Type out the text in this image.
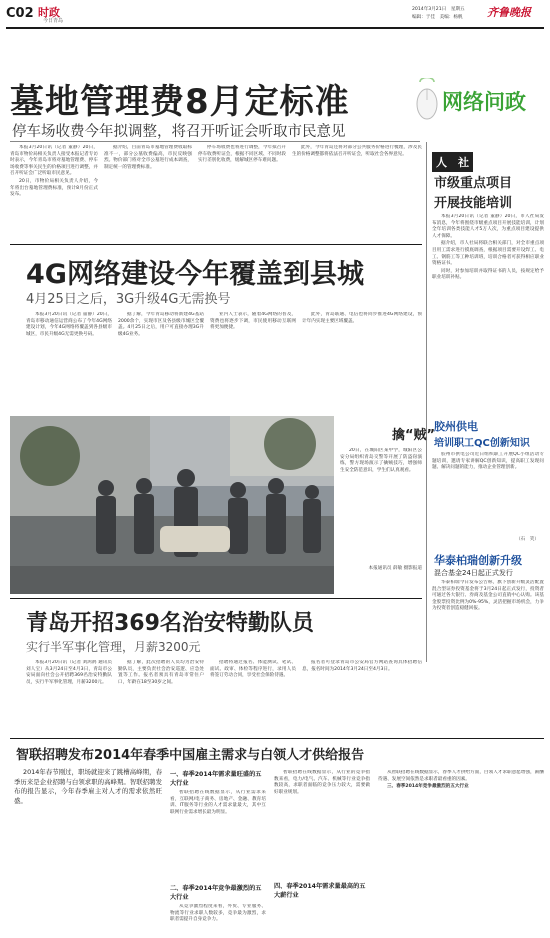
C02 时政
今日青岛
2014年3月21日　星期五
编辑：于佳　美编：杨帆 齐鲁晚报
墓地管理费8月定标准
停车场收费今年拟调整，将召开听证会听取市民意见
网络问政

本报3月20日讯（记者 董静）20日，青岛市物价局相关负责人接受本报记者专访时表示，今年青岛市将对墓地管理费、停车场收费等事关民生的价格项目进行调整，并召开听证会广泛听取市民意见。

20日，市物价局相关负责人介绍，今年将出台墓地管理费标准，预计8月份正式发布。

据介绍，目前青岛市墓地管理费收取标准不一，部分公墓收费偏高，市民反映强烈。物价部门将对全市公墓进行成本调查，制定统一的管理费标准。

停车场收费也将进行调整，今年拟召开停车收费听证会，根据不同区域、不同时段实行差别化收费，缓解城区停车难问题。

此外，今年青岛还将对部分公共服务价格进行梳理，涉及民生的价格调整都将依法召开听证会，听取社会各界意见。

人　社
市级重点项目
开展技能培训

本报3月20日讯（记者 董静）20日，市人社局发布消息，今年将围绕市级重点项目开展技能培训，计划全年培训各类技能人才5万人次，为重点项目建设提供人才保障。

据介绍，市人社局将联合相关部门，对全市重点项目用工需求进行摸底调查，根据项目需要开设焊工、电工、钢筋工等工种培训班，培训合格者可获得相应职业资格证书。

同时，对参加培训并取得证书的人员，按规定给予职业培训补贴。

胶州供电
培训职工QC创新知识

胶州市供电公司近日组织职工开展QC小组活动专题培训，邀请专家讲解QC创新知识，提高职工发现问题、解决问题的能力，推动企业管理创新。

（石　笑）
华泰柏瑞创新升级
混合基金24日起正式发行

华泰柏瑞今日发布公告称，旗下创新升级灵活配置混合型证券投资基金将于3月24日起正式发行，投资者可通过各大银行、券商及基金公司直销中心认购。该基金股票投资比例为0%-95%，灵活把握市场机会，力争为投资者创造稳健回报。

4G网络建设今年覆盖到县城
4月25日之后，3G升级4G无需换号

本报3月20日讯（记者 董静）20日，青岛市移动通信运营商公布了今年4G网络建设计划，今年4G网络将覆盖到各县级市城区，市民升级4G无需更换号码。

据了解，今年青岛移动将新建4G基站2000余个，实现市区及各县级市城区全覆盖。4月25日之后，用户可直接办理3G升级4G业务。

业内人士表示，随着4G网络的普及，资费也将逐步下调，市民使用移动互联网将更加便捷。

此外，青岛联通、电信也将同步推进4G网络建设，预计年内实现主要区域覆盖。

擒“贼”

20日，在城阳区某中学，城阳区公安分局组织青岛交警等开展了防盗窃演练，警方现场演示了擒贼技巧，增强师生安全防范意识，学生们认真观看。

本报通讯员 薛敏 摄影报道
青岛开招369名治安特勤队员
实行半军事化管理，月薪3200元

本报3月20日讯（记者 刘鸿鹄 通讯员 刘人宝）从3月24日至4月3日，青岛市公安局面向社会公开招聘369名治安特勤队员，实行半军事化管理，月薪3200元。

据了解，此次招聘的人员均为治安特勤队员，主要负责社会治安巡逻、应急处置等工作。报名者须具有青岛市常住户口，年龄在18至30岁之间。

招聘将通过报名、体能测试、笔试、面试、政审、体检等程序进行，录用人员将签订劳动合同，享受社会保险待遇。

报名者可登录青岛市公安局官方网站查询具体招聘信息，报名时间为2014年3月24日至4月3日。

智联招聘发布2014年春季中国雇主需求与白领人才供给报告

2014年春节刚过，职场就迎来了跳槽高峰期，春季历来是企业招聘与白领求职的高峰期。智联招聘发布的报告显示，今年春季雇主对人才的需求依然旺盛。

一、春季2014年需求量旺盛的五大行业

智联招聘在线数据显示，从行业需求来看，互联网/电子商务、房地产、金融、教育培训、IT服务等行业的人才需求量最大，其中互联网行业需求增长最为明显。

二、春季2014年竞争最激烈的五大行业

从竞争激烈程度来看，外贸、专业服务、物流等行业求职人数较多，竞争最为激烈，求职者需提升自身竞争力。

智联招聘在线数据显示，从行业的竞争指数来看，电力/电气、汽车、机械等行业竞争指数较高，求职者面临的竞争压力较大，需要做好职业规划。

四、春季2014年需求量最高的五大薪行业

从智联招聘在线数据显示，春季人才供给方面，白领人才求职意愿增强，薪酬待遇、发展空间依然是求职者最看重的因素。

三、春季2014年竞争最激烈的五大行业
